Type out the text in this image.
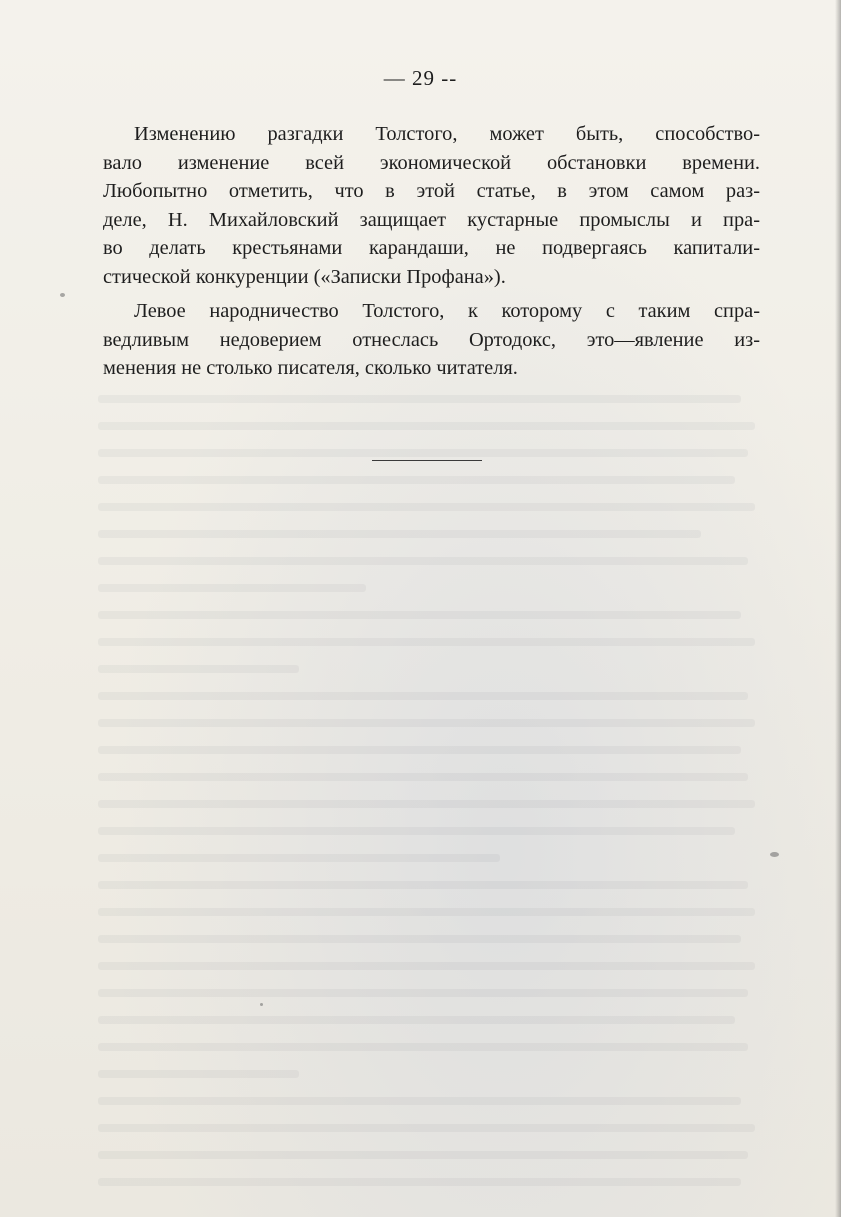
— 29 --
Изменению разгадки Толстого, может быть, способство-
вало изменение всей экономической обстановки времени.
Любопытно отметить, что в этой статье, в этом самом раз-
деле, Н. Михайловский защищает кустарные промыслы и пра-
во делать крестьянами карандаши, не подвергаясь капитали-
стической конкуренции («Записки Профана»).
Левое народничество Толстого, к которому с таким спра-
ведливым недоверием отнеслась Ортодокс, это—явление из-
менения не столько писателя, сколько читателя.
